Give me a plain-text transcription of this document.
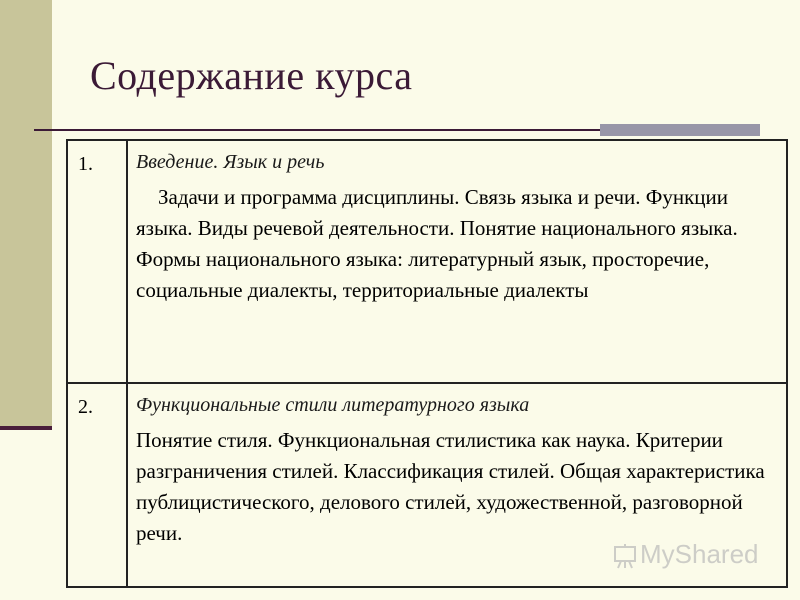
Содержание курса
1.	Введение. Язык и речь
Задачи и программа дисциплины. Связь языка и речи. Функции языка. Виды речевой деятельности. Понятие национального языка. Формы национального языка: литературный язык, просторечие, социальные диалекты, территориальные диалекты

2.	Функциональные стили литературного языка
Понятие стиля. Функциональная стилистика как наука. Критерии разграничения стилей. Классификация стилей. Общая характеристика публицистического, делового стилей, художественной, разговорной речи.
MyShared
